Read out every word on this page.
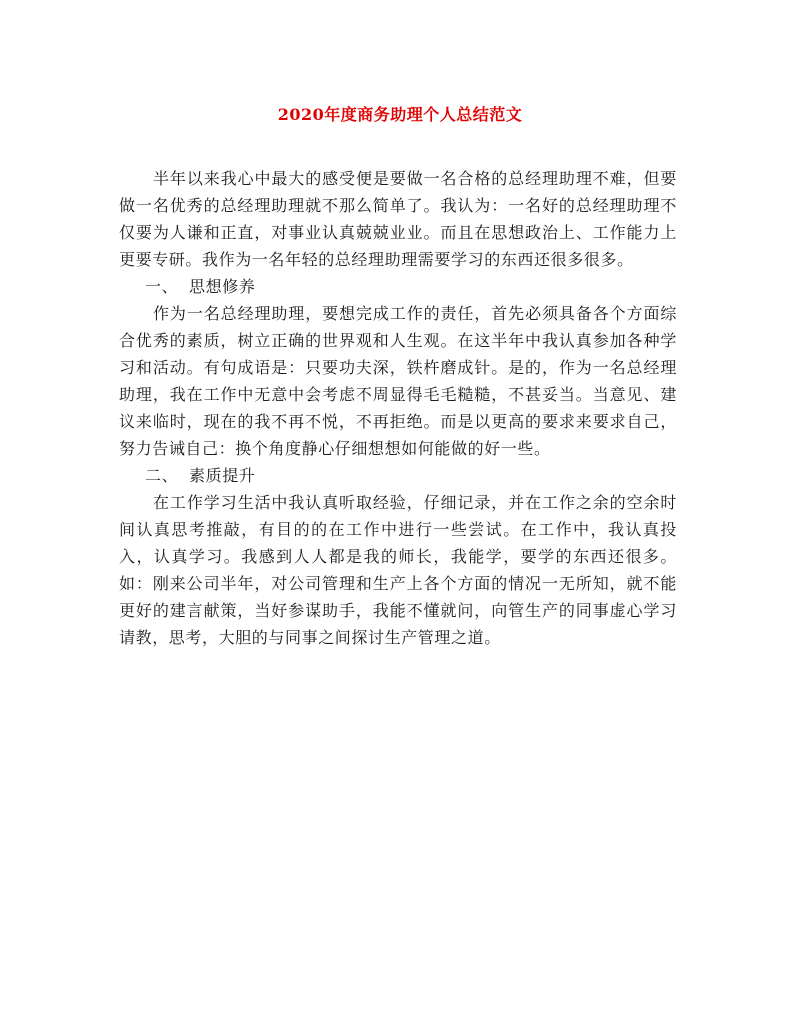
2020年度商务助理个人总结范文

半年以来我心中最大的感受便是要做一名合格的总经理助理不难，但要做一名优秀的总经理助理就不那么简单了。我认为：一名好的总经理助理不仅要为人谦和正直，对事业认真兢兢业业。而且在思想政治上、工作能力上更要专研。我作为一名年轻的总经理助理需要学习的东西还很多很多。

一、 思想修养

作为一名总经理助理，要想完成工作的责任，首先必须具备各个方面综合优秀的素质，树立正确的世界观和人生观。在这半年中我认真参加各种学习和活动。有句成语是：只要功夫深，铁杵磨成针。是的，作为一名总经理助理，我在工作中无意中会考虑不周显得毛毛糙糙，不甚妥当。当意见、建议来临时，现在的我不再不悦，不再拒绝。而是以更高的要求来要求自己，努力告诫自己：换个角度静心仔细想想如何能做的好一些。

二、 素质提升

在工作学习生活中我认真听取经验，仔细记录，并在工作之余的空余时间认真思考推敲，有目的的在工作中进行一些尝试。在工作中，我认真投入，认真学习。我感到人人都是我的师长，我能学，要学的东西还很多。如：刚来公司半年，对公司管理和生产上各个方面的情况一无所知，就不能更好的建言献策，当好参谋助手，我能不懂就问，向管生产的同事虚心学习请教，思考，大胆的与同事之间探讨生产管理之道。
